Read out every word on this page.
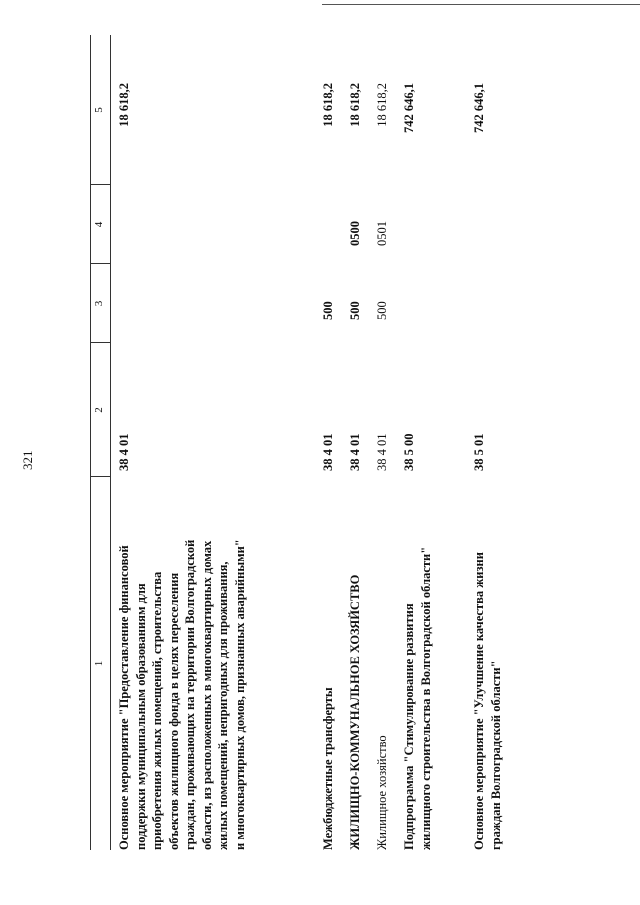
321
1
2
3
4
5
Основное мероприятие "Предоставление финансовой
поддержки муниципальным образованиям для
приобретения жилых помещений, строительства
объектов жилищного фонда в целях переселения
граждан, проживающих на территории Волгоградской
области, из расположенных в многоквартирных домах
жилых помещений, непригодных для проживания,
и многоквартирных домов, признанных аварийными"
38 4 01
18 618,2
Межбюджетные трансферты
38 4 01
500
18 618,2
ЖИЛИЩНО-КОММУНАЛЬНОЕ ХОЗЯЙСТВО
38 4 01
500
0500
18 618,2
Жилищное хозяйство
38 4 01
500
0501
18 618,2
Подпрограмма "Стимулирование развития
жилищного строительства в Волгоградской области"
38 5 00
742 646,1
Основное мероприятие "Улучшение качества жизни
граждан Волгоградской области"
38 5 01
742 646,1
